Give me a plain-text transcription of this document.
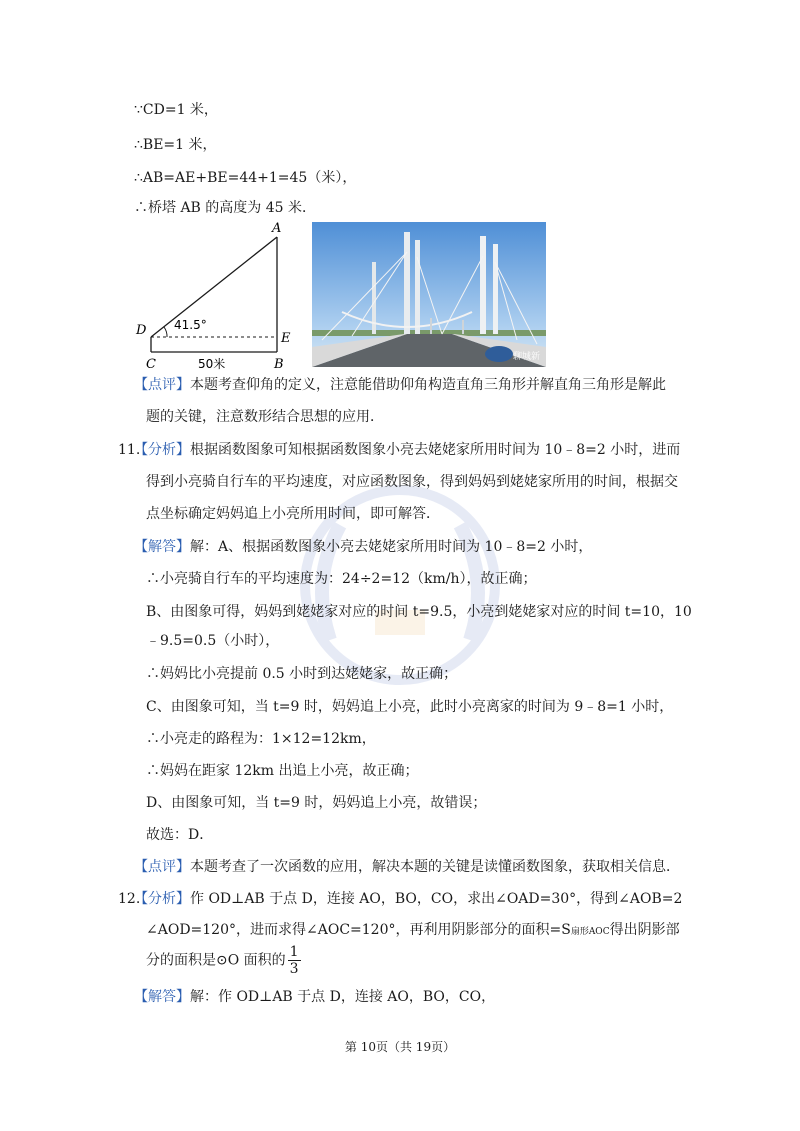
∵CD=1 米，
∴BE=1 米，
∴AB=AE+BE=44+1=45（米），
∴桥塔 AB 的高度为 45 米．
A
D
E
C	B
41.5°
50米	聊城新
【点评】本题考查仰角的定义，注意能借助仰角构造直角三角形并解直角三角形是解此
题的关键，注意数形结合思想的应用．
11.
【分析】根据函数图象可知根据函数图象小亮去姥姥家所用时间为 10﹣8=2 小时，进而
得到小亮骑自行车的平均速度，对应函数图象，得到妈妈到姥姥家所用的时间，根据交
点坐标确定妈妈追上小亮所用时间，即可解答．
【解答】解：A、根据函数图象小亮去姥姥家所用时间为 10﹣8=2 小时，
∴小亮骑自行车的平均速度为：24÷2=12（km/h），故正确；
B、由图象可得，妈妈到姥姥家对应的时间 t=9.5，小亮到姥姥家对应的时间 t=10，10
﹣9.5=0.5（小时），
∴妈妈比小亮提前 0.5 小时到达姥姥家，故正确；
C、由图象可知，当 t=9 时，妈妈追上小亮，此时小亮离家的时间为 9﹣8=1 小时，
∴小亮走的路程为：1×12=12km，
∴妈妈在距家 12km 出追上小亮，故正确；
D、由图象可知，当 t=9 时，妈妈追上小亮，故错误；
故选：D．
【点评】本题考查了一次函数的应用，解决本题的关键是读懂函数图象，获取相关信息．
12.
【分析】作 OD⊥AB 于点 D，连接 AO，BO，CO，求出∠OAD=30°，得到∠AOB=2
∠AOD=120°，进而求得∠AOC=120°，再利用阴影部分的面积=S扇形AOC得出阴影部
分的面积是⊙O 面积的 $\frac{1}{3}$
【解答】解：作 OD⊥AB 于点 D，连接 AO，BO，CO，
第 10页（共 19页）
